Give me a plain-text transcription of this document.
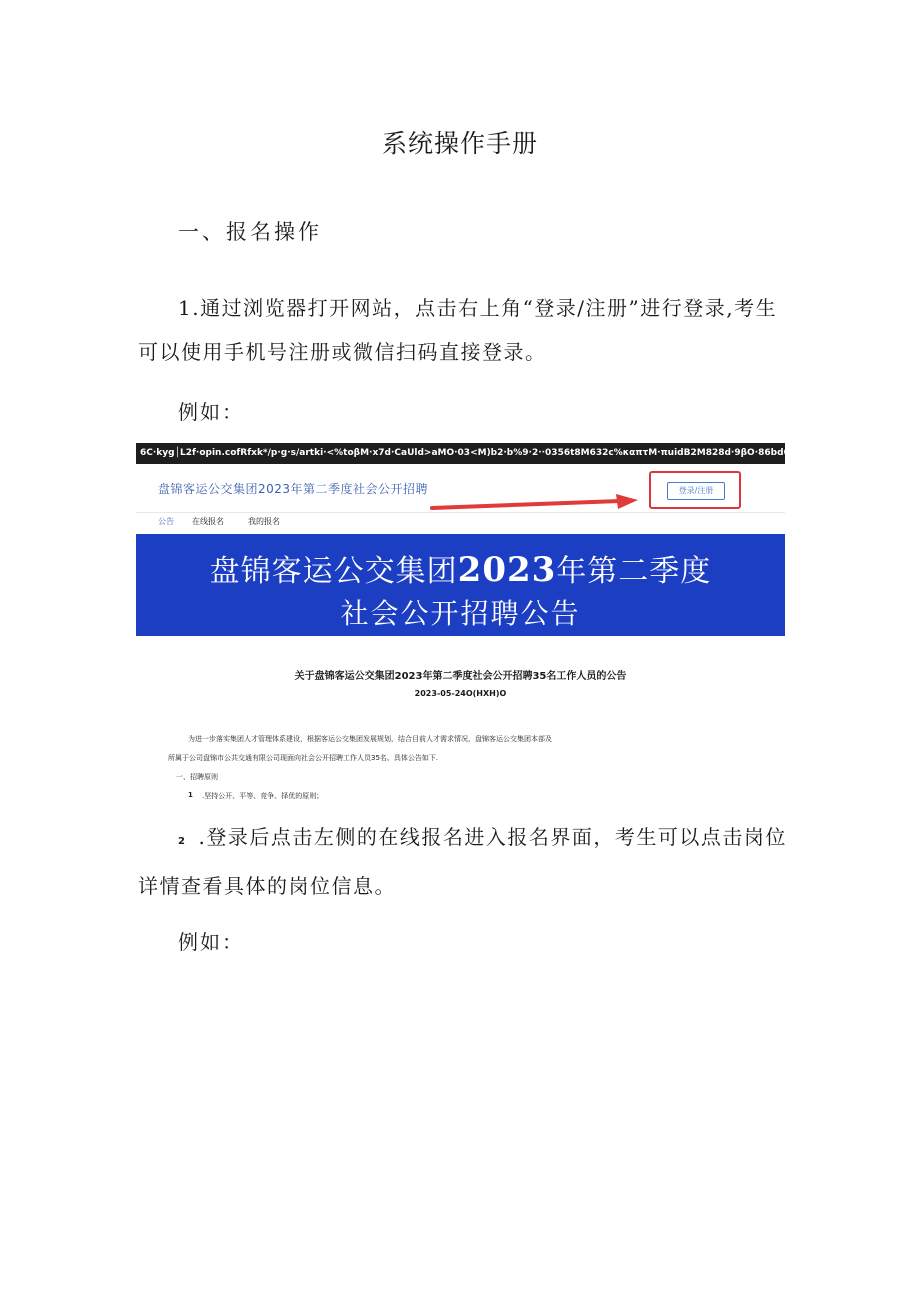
系统操作手册
一、报名操作
1.通过浏览器打开网站，点击右上角“登录/注册”进行登录,考生可以使用手机号注册或微信扫码直接登录。
例如：
6C·kyg│L2f·opin.cofRfxk*/p·g·s/artki·<%toβM·x7d·CaUld>aMO·03<M)b2·b%9·2··0356t8M632c%καπτM·πuidB2M828d·9βO·86bd6bfff70oc.... 由口.
盘锦客运公交集团2023年第二季度社会公开招聘	登录/注册
公告 在线报名	我的报名
盘锦客运公交集团2023年第二季度
社会公开招聘公告
关于盘锦客运公交集团2023年第二季度社会公开招聘35名工作人员的公告
2023-05-24O(HXH)O
为进一步落实集团人才管理体系建设，根据客运公交集团发展规划，结合目前人才需求情况，盘锦客运公交集团本部及
所属于公司盘锦市公共交通有限公司现面向社会公开招聘工作人员35名。具体公告如下.
一、招聘原则
1 .坚持公开、平等、竞争、择优的原则；
2 .登录后点击左侧的在线报名进入报名界面，考生可以点击岗位详情查看具体的岗位信息。
例如：
